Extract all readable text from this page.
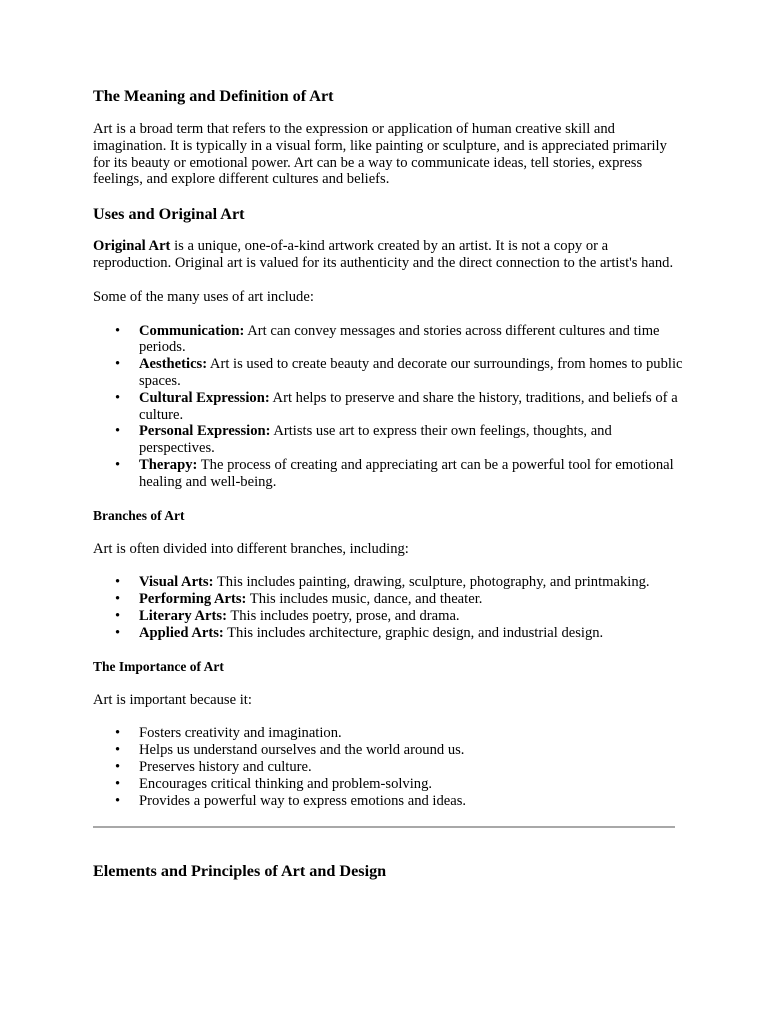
The Meaning and Definition of Art

Art is a broad term that refers to the expression or application of human creative skill and imagination. It is typically in a visual form, like painting or sculpture, and is appreciated primarily for its beauty or emotional power. Art can be a way to communicate ideas, tell stories, express feelings, and explore different cultures and beliefs.

Uses and Original Art

Original Art is a unique, one-of-a-kind artwork created by an artist. It is not a copy or a reproduction. Original art is valued for its authenticity and the direct connection to the artist's hand.

Some of the many uses of art include:

• Communication: Art can convey messages and stories across different cultures and time periods.
• Aesthetics: Art is used to create beauty and decorate our surroundings, from homes to public spaces.
• Cultural Expression: Art helps to preserve and share the history, traditions, and beliefs of a culture.
• Personal Expression: Artists use art to express their own feelings, thoughts, and perspectives.
• Therapy: The process of creating and appreciating art can be a powerful tool for emotional healing and well-being.
Branches of Art

Art is often divided into different branches, including:

• Visual Arts: This includes painting, drawing, sculpture, photography, and printmaking.
• Performing Arts: This includes music, dance, and theater.
• Literary Arts: This includes poetry, prose, and drama.
• Applied Arts: This includes architecture, graphic design, and industrial design.
The Importance of Art

Art is important because it:

• Fosters creativity and imagination.
• Helps us understand ourselves and the world around us.
• Preserves history and culture.
• Encourages critical thinking and problem-solving.
• Provides a powerful way to express emotions and ideas.
Elements and Principles of Art and Design
